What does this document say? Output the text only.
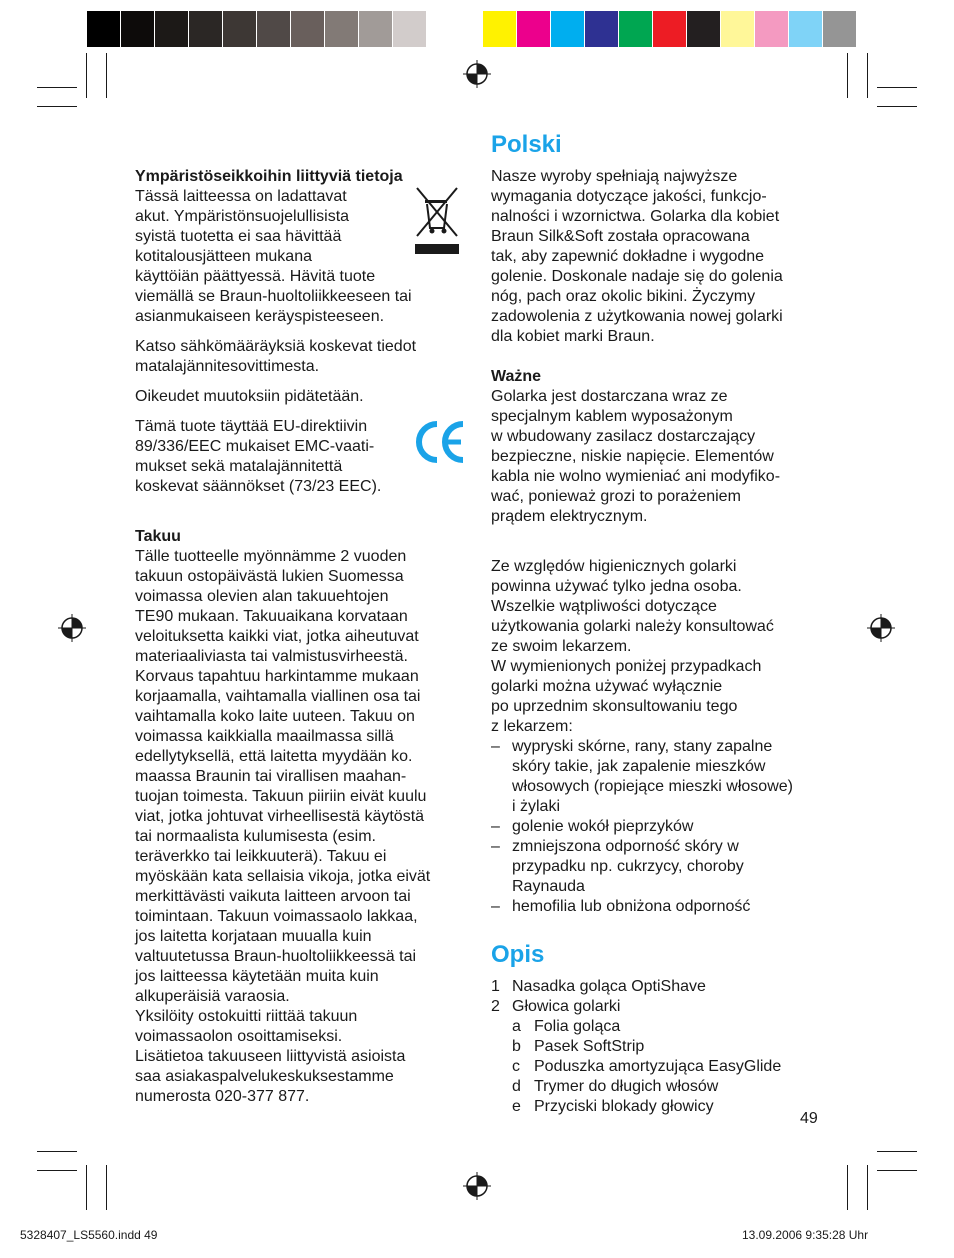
Ympäristöseikkoihin liittyviä tietoja

Tässä laitteessa on ladattavat

akut. Ympäristönsuojelullisista

syistä tuotetta ei saa hävittää

kotitalousjätteen mukana

käyttöiän päättyessä. Hävitä tuote

viemällä se Braun-huoltoliikkeeseen tai

asianmukaiseen keräyspisteeseen.

Katso sähkömääräyksiä koskevat tiedot

matalajännitesovittimesta.

Oikeudet muutoksiin pidätetään.

Tämä tuote täyttää EU-direktiivin

89/336/EEC mukaiset EMC-vaati-

mukset sekä matalajännitettä

koskevat säännökset (73/23 EEC).

Takuu

Tälle tuotteelle myönnämme 2 vuoden

takuun ostopäivästä lukien Suomessa

voimassa olevien alan takuuehtojen

TE90 mukaan. Takuuaikana korvataan

veloituksetta kaikki viat, jotka aiheutuvat

materiaaliviasta tai valmistusvirheestä.

Korvaus tapahtuu harkintamme mukaan

korjaamalla, vaihtamalla viallinen osa tai

vaihtamalla koko laite uuteen. Takuu on

voimassa kaikkialla maailmassa sillä

edellytyksellä, että laitetta myydään ko.

maassa Braunin tai virallisen maahan-

tuojan toimesta. Takuun piiriin eivät kuulu

viat, jotka johtuvat virheellisestä käytöstä

tai normaalista kulumisesta (esim.

teräverkko tai leikkuuterä). Takuu ei

myöskään kata sellaisia vikoja, jotka eivät

merkittävästi vaikuta laitteen arvoon tai

toimintaan. Takuun voimassaolo lakkaa,

jos laitetta korjataan muualla kuin

valtuutetussa Braun-huoltoliikkeessä tai

jos laitteessa käytetään muita kuin

alkuperäisiä varaosia.

Yksilöity ostokuitti riittää takuun

voimassaolon osoittamiseksi.

Lisätietoa takuuseen liittyvistä asioista

saa asiakaspalvelukeskuksestamme

numerosta 020-377 877.

Polski

Nasze wyroby spełniają najwyższe

wymagania dotyczące jakości, funkcjo-

nalności i wzornictwa. Golarka dla kobiet

Braun Silk&Soft została opracowana

tak, aby zapewnić dokładne i wygodne

golenie. Doskonale nadaje się do golenia

nóg, pach oraz okolic bikini. Życzymy

zadowolenia z użytkowania nowej golarki

dla kobiet marki Braun.

Ważne

Golarka jest dostarczana wraz ze

specjalnym kablem wyposażonym

w wbudowany zasilacz dostarczający

bezpieczne, niskie napięcie. Elementów

kabla nie wolno wymieniać ani modyfiko-

wać, ponieważ grozi to porażeniem

prądem elektrycznym.

Ze względów higienicznych golarki

powinna używać tylko jedna osoba.

Wszelkie wątpliwości dotyczące

użytkowania golarki należy konsultować

ze swoim lekarzem.

W wymienionych poniżej przypadkach

golarki można używać wyłącznie

po uprzednim skonsultowaniu tego

z lekarzem:

– wypryski skórne, rany, stany zapalne

skóry takie, jak zapalenie mieszków

włosowych (ropiejące mieszki włosowe)

i żylaki

– golenie wokół pieprzyków

– zmniejszona odporność skóry w

przypadku np. cukrzycy, choroby

Raynauda

– hemofilia lub obniżona odporność

Opis
1 Nasadka goląca OptiShave
2 Głowica golarki
a Folia goląca
b Pasek SoftStrip
c Poduszka amortyzująca EasyGlide
d Trymer do długich włosów
e Przyciski blokady głowicy
49
5328407_LS5560.indd 49	13.09.2006 9:35:28 Uhr
